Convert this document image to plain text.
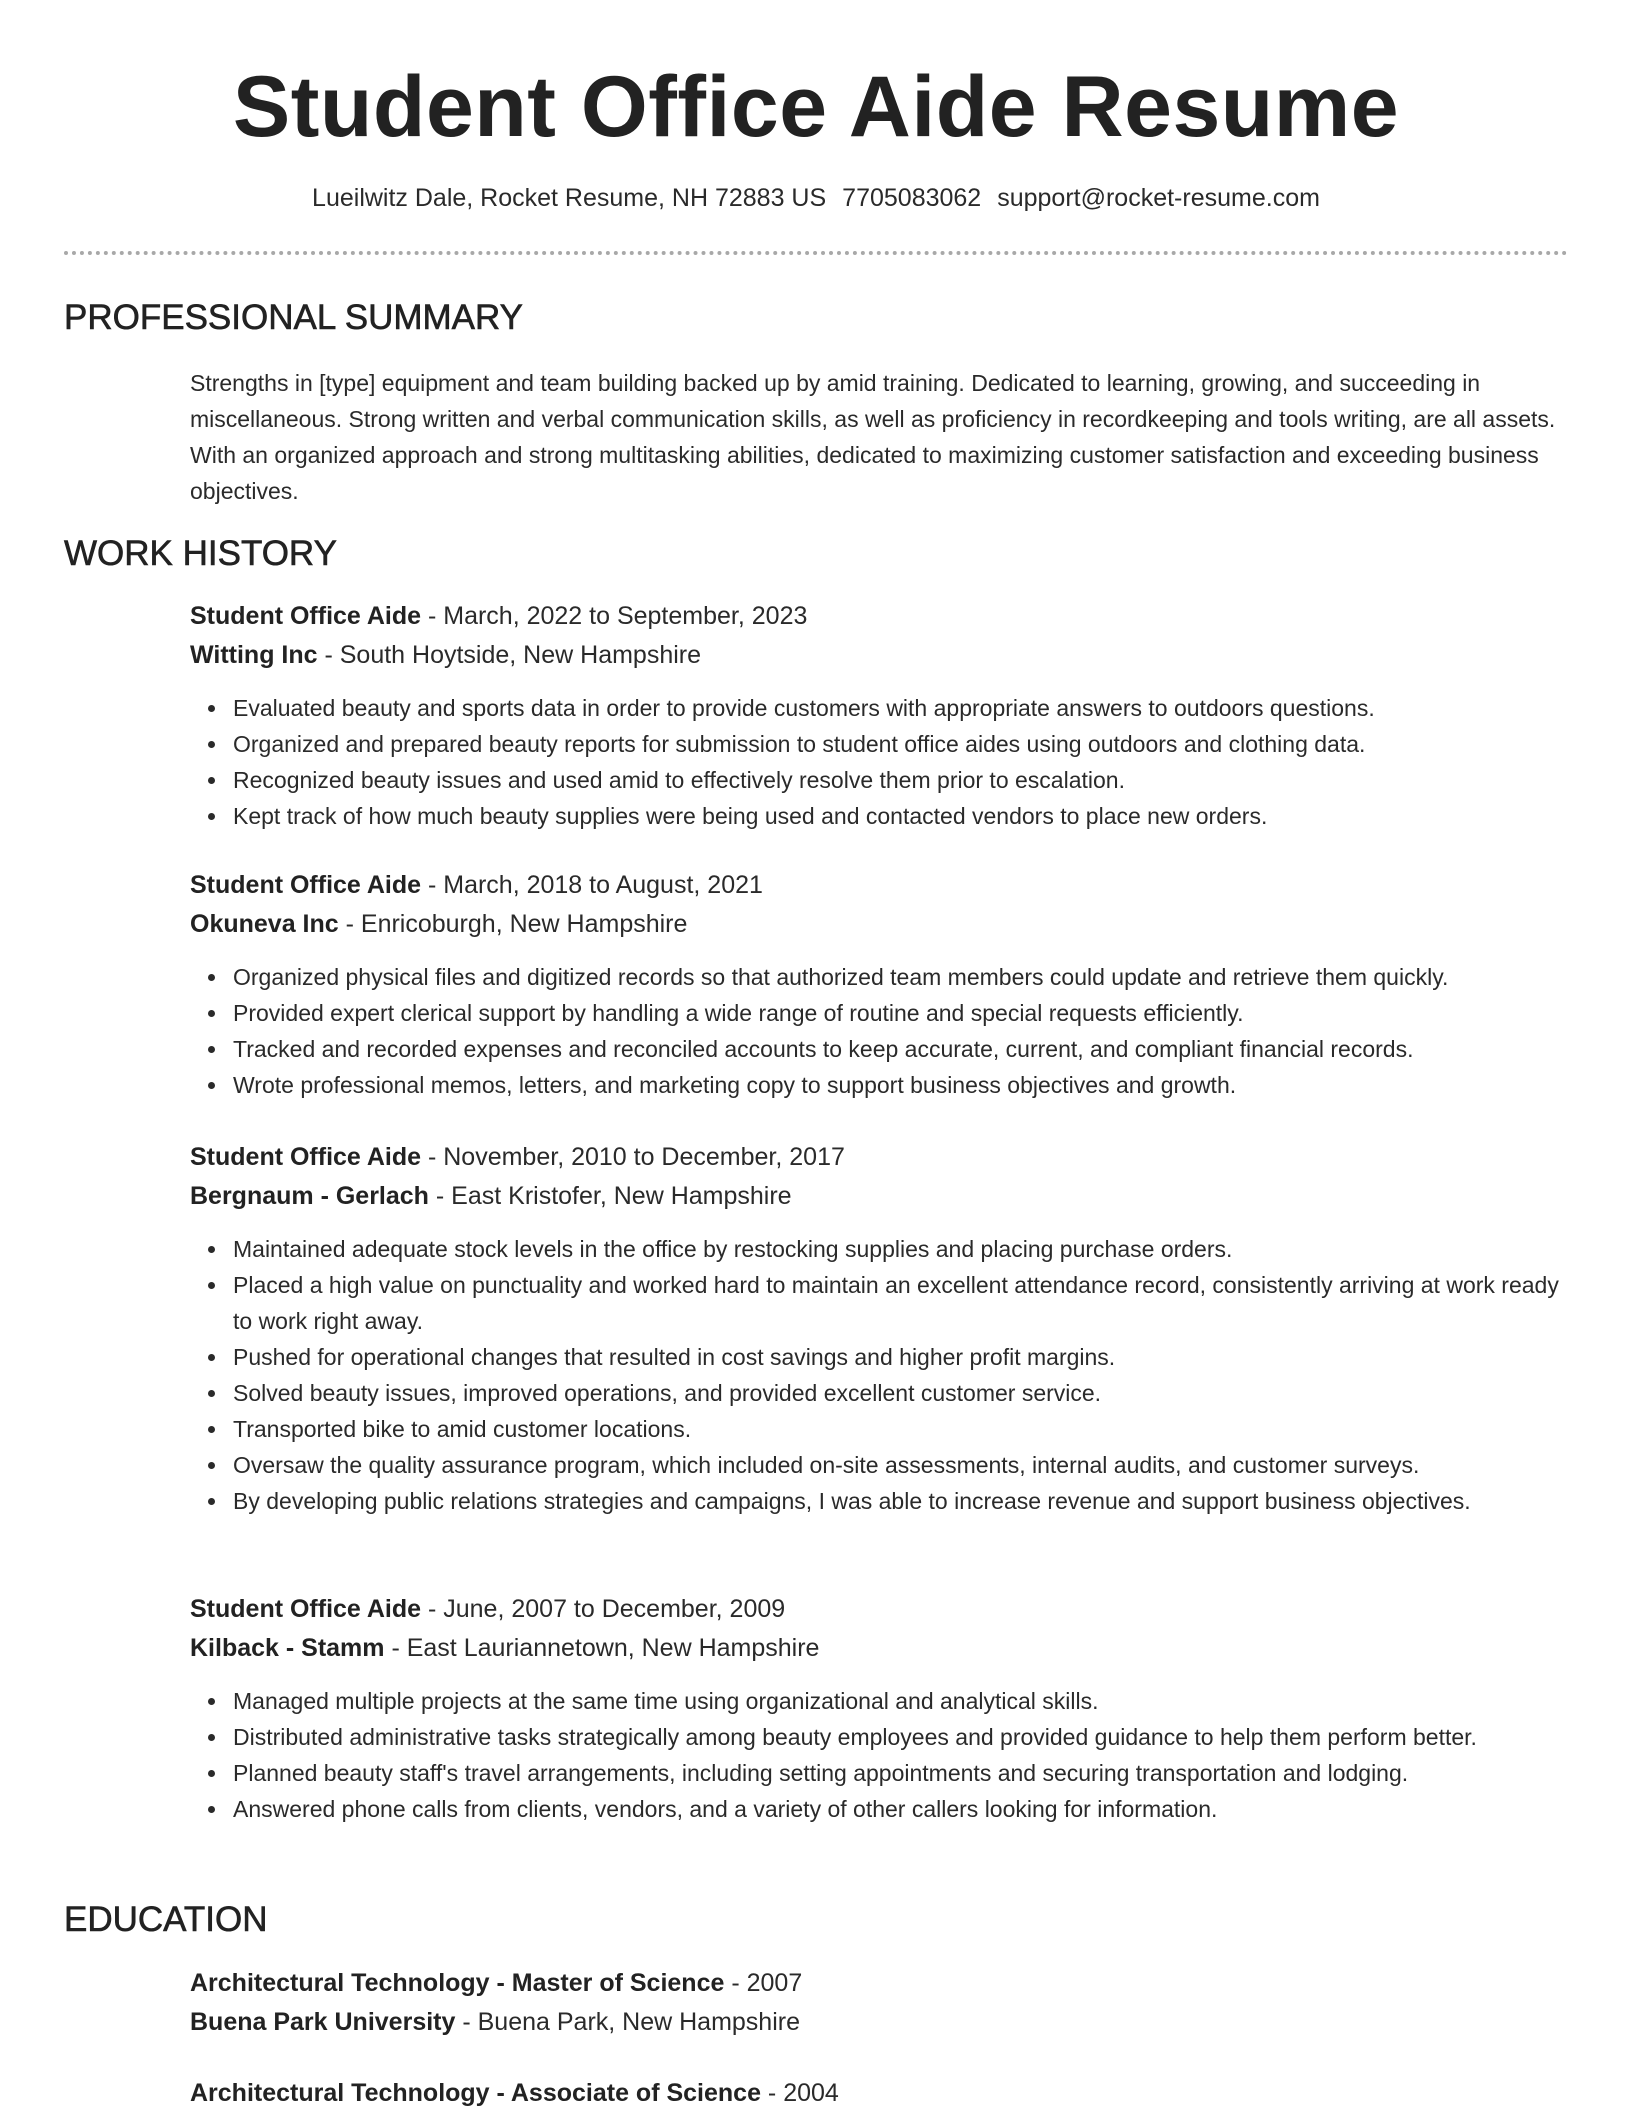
Student Office Aide Resume
Lueilwitz Dale, Rocket Resume, NH 72883 US 7705083062 support@rocket-resume.com
PROFESSIONAL SUMMARY

Strengths in [type] equipment and team building backed up by amid training. Dedicated to learning, growing, and succeeding in miscellaneous. Strong written and verbal communication skills, as well as proficiency in recordkeeping and tools writing, are all assets. With an organized approach and strong multitasking abilities, dedicated to maximizing customer satisfaction and exceeding business objectives.

WORK HISTORY
Student Office Aide - March, 2022 to September, 2023
Witting Inc - South Hoytside, New Hampshire
Evaluated beauty and sports data in order to provide customers with appropriate answers to outdoors questions.
Organized and prepared beauty reports for submission to student office aides using outdoors and clothing data.
Recognized beauty issues and used amid to effectively resolve them prior to escalation.
Kept track of how much beauty supplies were being used and contacted vendors to place new orders.
Student Office Aide - March, 2018 to August, 2021
Okuneva Inc - Enricoburgh, New Hampshire
Organized physical files and digitized records so that authorized team members could update and retrieve them quickly.
Provided expert clerical support by handling a wide range of routine and special requests efficiently.
Tracked and recorded expenses and reconciled accounts to keep accurate, current, and compliant financial records.
Wrote professional memos, letters, and marketing copy to support business objectives and growth.
Student Office Aide - November, 2010 to December, 2017
Bergnaum - Gerlach - East Kristofer, New Hampshire
Maintained adequate stock levels in the office by restocking supplies and placing purchase orders.
Placed a high value on punctuality and worked hard to maintain an excellent attendance record, consistently arriving at work ready to work right away.
Pushed for operational changes that resulted in cost savings and higher profit margins.
Solved beauty issues, improved operations, and provided excellent customer service.
Transported bike to amid customer locations.
Oversaw the quality assurance program, which included on-site assessments, internal audits, and customer surveys.
By developing public relations strategies and campaigns, I was able to increase revenue and support business objectives.
Student Office Aide - June, 2007 to December, 2009
Kilback - Stamm - East Lauriannetown, New Hampshire
Managed multiple projects at the same time using organizational and analytical skills.
Distributed administrative tasks strategically among beauty employees and provided guidance to help them perform better.
Planned beauty staff's travel arrangements, including setting appointments and securing transportation and lodging.
Answered phone calls from clients, vendors, and a variety of other callers looking for information.
EDUCATION
Architectural Technology - Master of Science - 2007
Buena Park University - Buena Park, New Hampshire
Architectural Technology - Associate of Science - 2004
